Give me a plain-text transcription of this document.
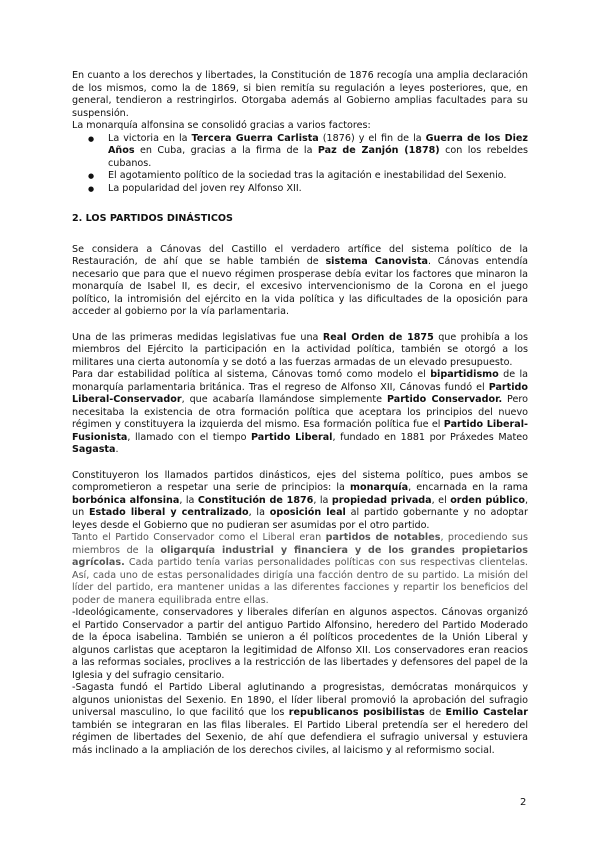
En cuanto a los derechos y libertades, la Constitución de 1876 recogía una amplia declaración de los mismos, como la de 1869, si bien remitía su regulación a leyes posteriores, que, en general, tendieron a restringirlos. Otorgaba además al Gobierno amplias facultades para su suspensión.

La monarquía alfonsina se consolidó gracias a varios factores:

● La victoria en la Tercera Guerra Carlista (1876) y el fin de la Guerra de los Diez Años en Cuba, gracias a la firma de la Paz de Zanjón (1878) con los rebeldes cubanos.
● El agotamiento político de la sociedad tras la agitación e inestabilidad del Sexenio.
● La popularidad del joven rey Alfonso XII.
2. LOS PARTIDOS DINÁSTICOS

Se considera a Cánovas del Castillo el verdadero artífice del sistema político de la Restauración, de ahí que se hable también de sistema Canovista. Cánovas entendía necesario que para que el nuevo régimen prosperase debía evitar los factores que minaron la monarquía de Isabel II, es decir, el excesivo intervencionismo de la Corona en el juego político, la intromisión del ejército en la vida política y las dificultades de la oposición para acceder al gobierno por la vía parlamentaria.

Una de las primeras medidas legislativas fue una Real Orden de 1875 que prohibía a los miembros del Ejército la participación en la actividad política, también se otorgó a los militares una cierta autonomía y se dotó a las fuerzas armadas de un elevado presupuesto.

Para dar estabilidad política al sistema, Cánovas tomó como modelo el bipartidismo de la monarquía parlamentaria británica. Tras el regreso de Alfonso XII, Cánovas fundó el Partido Liberal-Conservador, que acabaría llamándose simplemente Partido Conservador. Pero necesitaba la existencia de otra formación política que aceptara los principios del nuevo régimen y constituyera la izquierda del mismo. Esa formación política fue el Partido Liberal-Fusionista, llamado con el tiempo Partido Liberal, fundado en 1881 por Práxedes Mateo Sagasta.

Constituyeron los llamados partidos dinásticos, ejes del sistema político, pues ambos se comprometieron a respetar una serie de principios: la monarquía, encarnada en la rama borbónica alfonsina, la Constitución de 1876, la propiedad privada, el orden público, un Estado liberal y centralizado, la oposición leal al partido gobernante y no adoptar leyes desde el Gobierno que no pudieran ser asumidas por el otro partido.

Tanto el Partido Conservador como el Liberal eran partidos de notables, procediendo sus miembros de la oligarquía industrial y financiera y de los grandes propietarios agrícolas. Cada partido tenía varias personalidades políticas con sus respectivas clientelas. Así, cada uno de estas personalidades dirigía una facción dentro de su partido. La misión del líder del partido, era mantener unidas a las diferentes facciones y repartir los beneficios del poder de manera equilibrada entre ellas.

-Ideológicamente, conservadores y liberales diferían en algunos aspectos. Cánovas organizó el Partido Conservador a partir del antiguo Partido Alfonsino, heredero del Partido Moderado de la época isabelina. También se unieron a él políticos procedentes de la Unión Liberal y algunos carlistas que aceptaron la legitimidad de Alfonso XII. Los conservadores eran reacios a las reformas sociales, proclives a la restricción de las libertades y defensores del papel de la Iglesia y del sufragio censitario.

-Sagasta fundó el Partido Liberal aglutinando a progresistas, demócratas monárquicos y algunos unionistas del Sexenio. En 1890, el líder liberal promovió la aprobación del sufragio universal masculino, lo que facilitó que los republicanos posibilistas de Emilio Castelar también se integraran en las filas liberales. El Partido Liberal pretendía ser el heredero del régimen de libertades del Sexenio, de ahí que defendiera el sufragio universal y estuviera más inclinado a la ampliación de los derechos civiles, al laicismo y al reformismo social.

2
